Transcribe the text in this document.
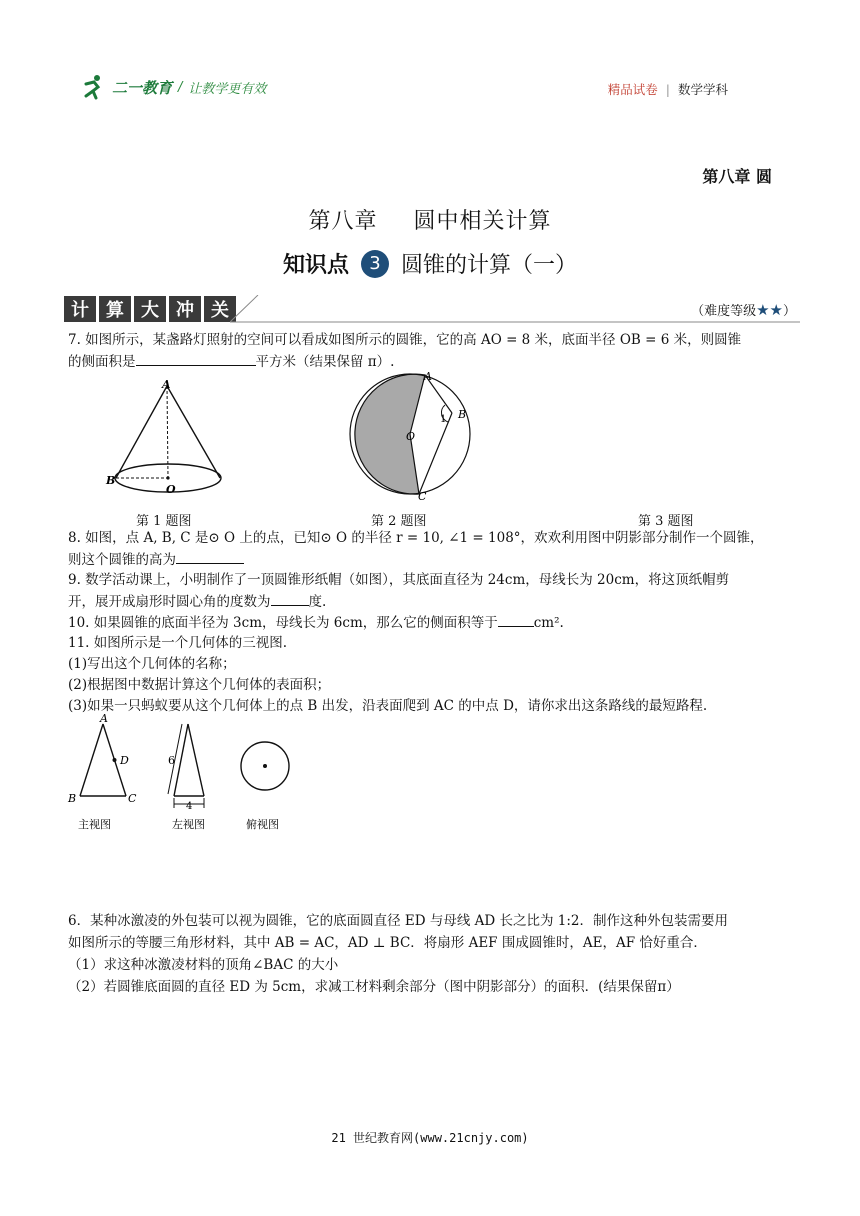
二一教育 / 让教学更有效	精品试卷 | 数学学科
第八章 圆
第八章 圆中相关计算
知识点	3 圆锥的计算（一）
计 算 大 冲 关	（难度等级★★）
7. 如图所示，某盏路灯照射的空间可以看成如图所示的圆锥，它的高 AO = 8 米，底面半径 OB = 6 米，则圆锥
的侧面积是	平方米（结果保留 π）.
A
B
O
A
B
C
O
1
第 1 题图	第 2 题图	第 3 题图
8. 如图，点 A, B, C 是⊙ O 上的点，已知⊙ O 的半径 r = 10, ∠1 = 108°，欢欢利用图中阴影部分制作一个圆锥，
则这个圆锥的高为
9. 数学活动课上，小明制作了一顶圆锥形纸帽（如图），其底面直径为 24cm，母线长为 20cm，将这顶纸帽剪
开，展开成扇形时圆心角的度数为	度.
10. 如果圆锥的底面半径为 3cm，母线长为 6cm，那么它的侧面积等于	cm².
11. 如图所示是一个几何体的三视图.
(1)写出这个几何体的名称；
(2)根据图中数据计算这个几何体的表面积；
(3)如果一只蚂蚁要从这个几何体上的点 B 出发，沿表面爬到 AC 的中点 D，请你求出这条路线的最短路程.
A
B	C
D	6
4
主视图	左视图	俯视图
6．某种冰激凌的外包装可以视为圆锥，它的底面圆直径 ED 与母线 AD 长之比为 1:2．制作这种外包装需要用
如图所示的等腰三角形材料，其中 AB = AC，AD ⊥ BC．将扇形 AEF 围成圆锥时，AE，AF 恰好重合．
（1）求这种冰激凌材料的顶角∠BAC 的大小
（2）若圆锥底面圆的直径 ED 为 5cm，求减工材料剩余部分（图中阴影部分）的面积．(结果保留π）
21 世纪教育网(www.21cnjy.com)
